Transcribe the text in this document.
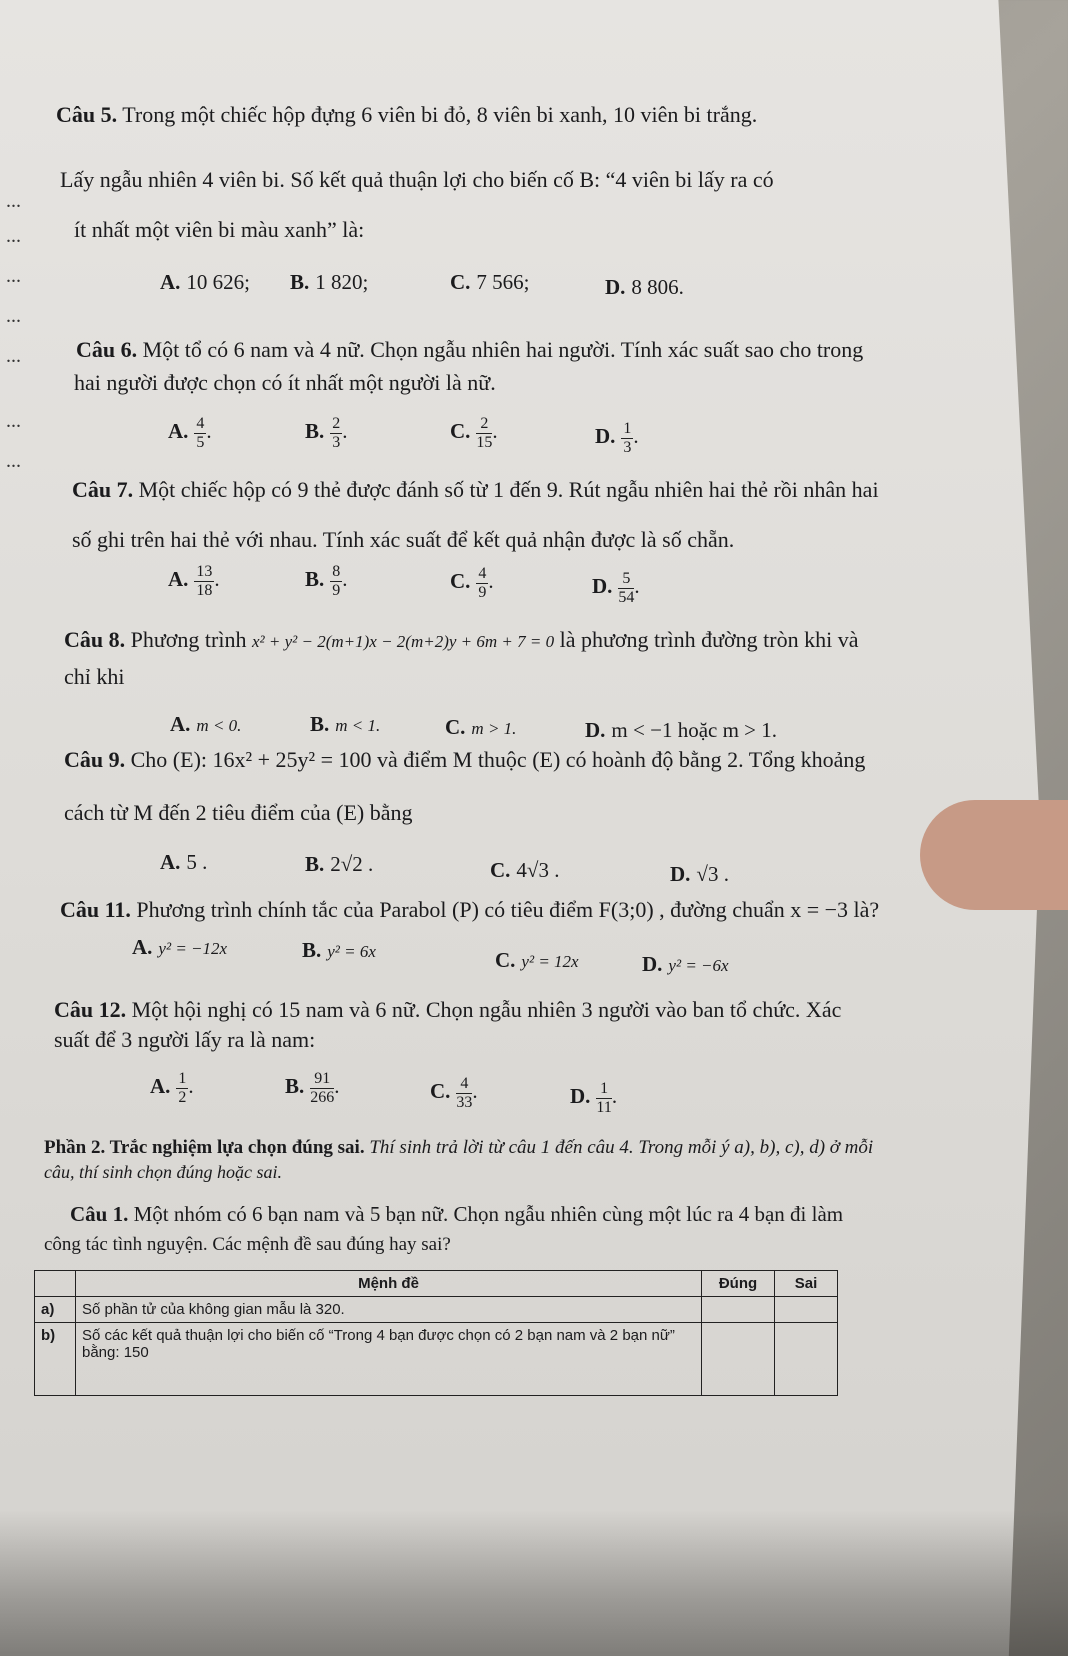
...
...
...
...
...
...
...
Câu 5. Trong một chiếc hộp đựng 6 viên bi đỏ, 8 viên bi xanh, 10 viên bi trắng.
Lấy ngẫu nhiên 4 viên bi. Số kết quả thuận lợi cho biến cố B: “4 viên bi lấy ra có
ít nhất một viên bi màu xanh” là:
A. 10 626; B. 1 820;	C. 7 566;	D. 8 806.
Câu 6. Một tổ có 6 nam và 4 nữ. Chọn ngẫu nhiên hai người. Tính xác suất sao cho trong
hai người được chọn có ít nhất một người là nữ.
A. $\frac{4}{5}$ .	B. $\frac{2}{3}$ .	C. $\frac{2}{15}$ .	D. $\frac{1}{3}$ .
Câu 7. Một chiếc hộp có 9 thẻ được đánh số từ 1 đến 9. Rút ngẫu nhiên hai thẻ rồi nhân hai
số ghi trên hai thẻ với nhau. Tính xác suất để kết quả nhận được là số chẵn.
A. $\frac{13}{18}$ .	B. $\frac{8}{9}$ .	C. $\frac{4}{9}$ .	D. $\frac{5}{54}$ .
Câu 8. Phương trình x² + y² − 2(m+1)x − 2(m+2)y + 6m + 7 = 0 là phương trình đường tròn khi và
chỉ khi
A. m < 0.	B. m < 1.	C. m > 1.	D. m < −1 hoặc m > 1.
Câu 9. Cho (E): 16x² + 25y² = 100 và điểm M thuộc (E) có hoành độ bằng 2. Tổng khoảng
cách từ M đến 2 tiêu điểm của (E) bằng
A. 5 .	B. 2√2 .	C. 4√3 .	D. √3 .
Câu 11. Phương trình chính tắc của Parabol (P) có tiêu điểm F(3;0) , đường chuẩn x = −3 là?
A. y² = −12x	B. y² = 6x	C. y² = 12x	D. y² = −6x
Câu 12. Một hội nghị có 15 nam và 6 nữ. Chọn ngẫu nhiên 3 người vào ban tổ chức. Xác
suất để 3 người lấy ra là nam:
A. $\frac{1}{2}$ .	B. $\frac{91}{266}$ .	C. $\frac{4}{33}$ .	D. $\frac{1}{11}$ .
Phần 2. Trắc nghiệm lựa chọn đúng sai. Thí sinh trả lời từ câu 1 đến câu 4. Trong mỗi ý a), b), c), d) ở mỗi
câu, thí sinh chọn đúng hoặc sai.
Câu 1. Một nhóm có 6 bạn nam và 5 bạn nữ. Chọn ngẫu nhiên cùng một lúc ra 4 bạn đi làm
công tác tình nguyện. Các mệnh đề sau đúng hay sai?
	Mệnh đề	Đúng	Sai
a)	Số phần tử của không gian mẫu là 320.		
b)	Số các kết quả thuận lợi cho biến cố “Trong 4 bạn được chọn có 2 bạn nam và 2 bạn nữ” bằng: 150		
